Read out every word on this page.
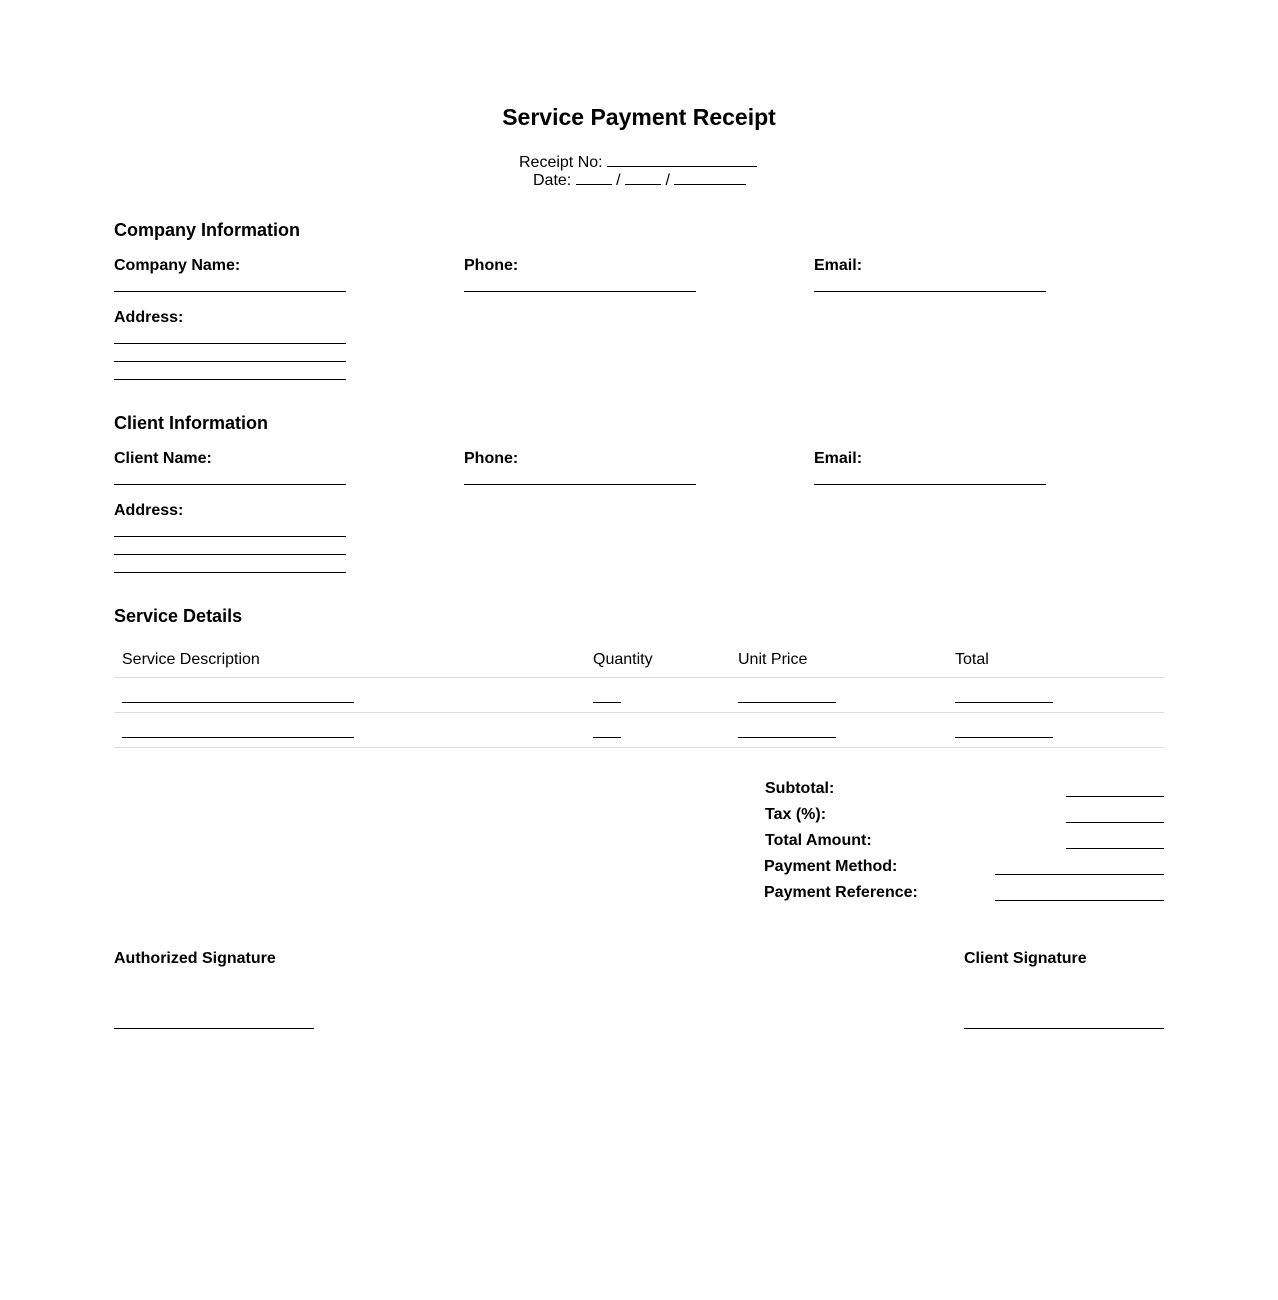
Service Payment Receipt
Receipt No:
Date:	/	/
Company Information
Company Name:	Phone:	Email:
Address:
Client Information
Client Name:	Phone:	Email:
Address:
Service Details
Service Description	Quantity	Unit Price	Total
Subtotal:
Tax (%):
Total Amount:
Payment Method:
Payment Reference:
Authorized Signature	Client Signature
